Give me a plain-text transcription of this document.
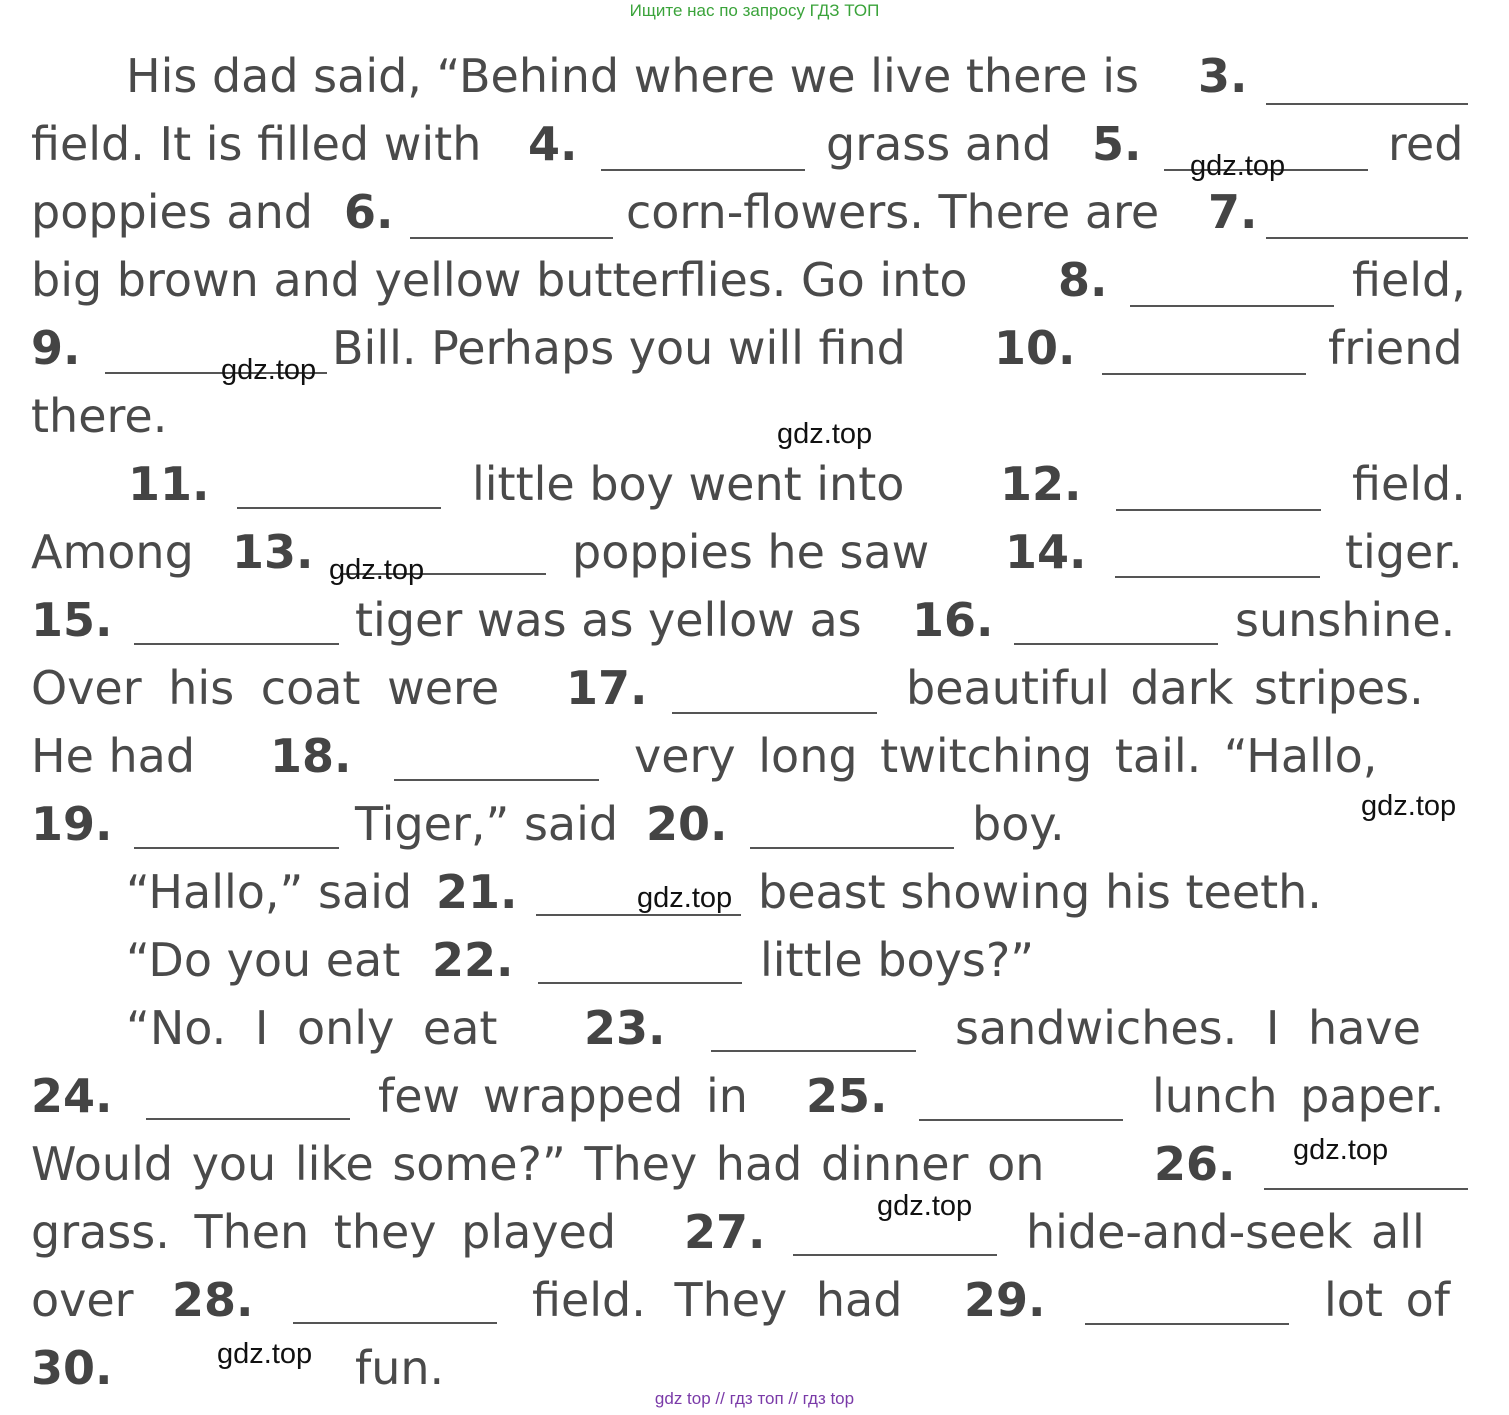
Ищите нас по запросу ГДЗ ТОП
His dad said, “Behind where we live there is 3.
field. It is filled with 4.	grass and 5.	red
poppies and 6.	corn-flowers. There are 7.
big brown and yellow butterflies. Go into 8.	field,
9.	Bill. Perhaps you will find 10.	friend
there.
11.	little boy went into 12.	field.
Among 13.	poppies he saw 14.	tiger.
15.	tiger was as yellow as 16.	sunshine.
Over his coat were	beautiful dark stripes.
He had 18.	very long twitching tail. “Hallo,
19.	Tiger,” said 20.	boy.
“Hallo,” said 21.	beast showing his teeth.
“Do you eat 22.	little boys?”
“No. I only eat 23.	sandwiches. I have
24.	few wrapped in 25.	lunch paper.
Would you like some?” They had dinner on 26.
grass. Then they played 27.	hide-and-seek all
over 28.	field. They had 29.	lot of
30.	fun.
17.
gdz.top
gdz.top
gdz.top
gdz.top
gdz.top
gdz.top
gdz.top
gdz.top
gdz.top
gdz top // гдз топ // гдз top
